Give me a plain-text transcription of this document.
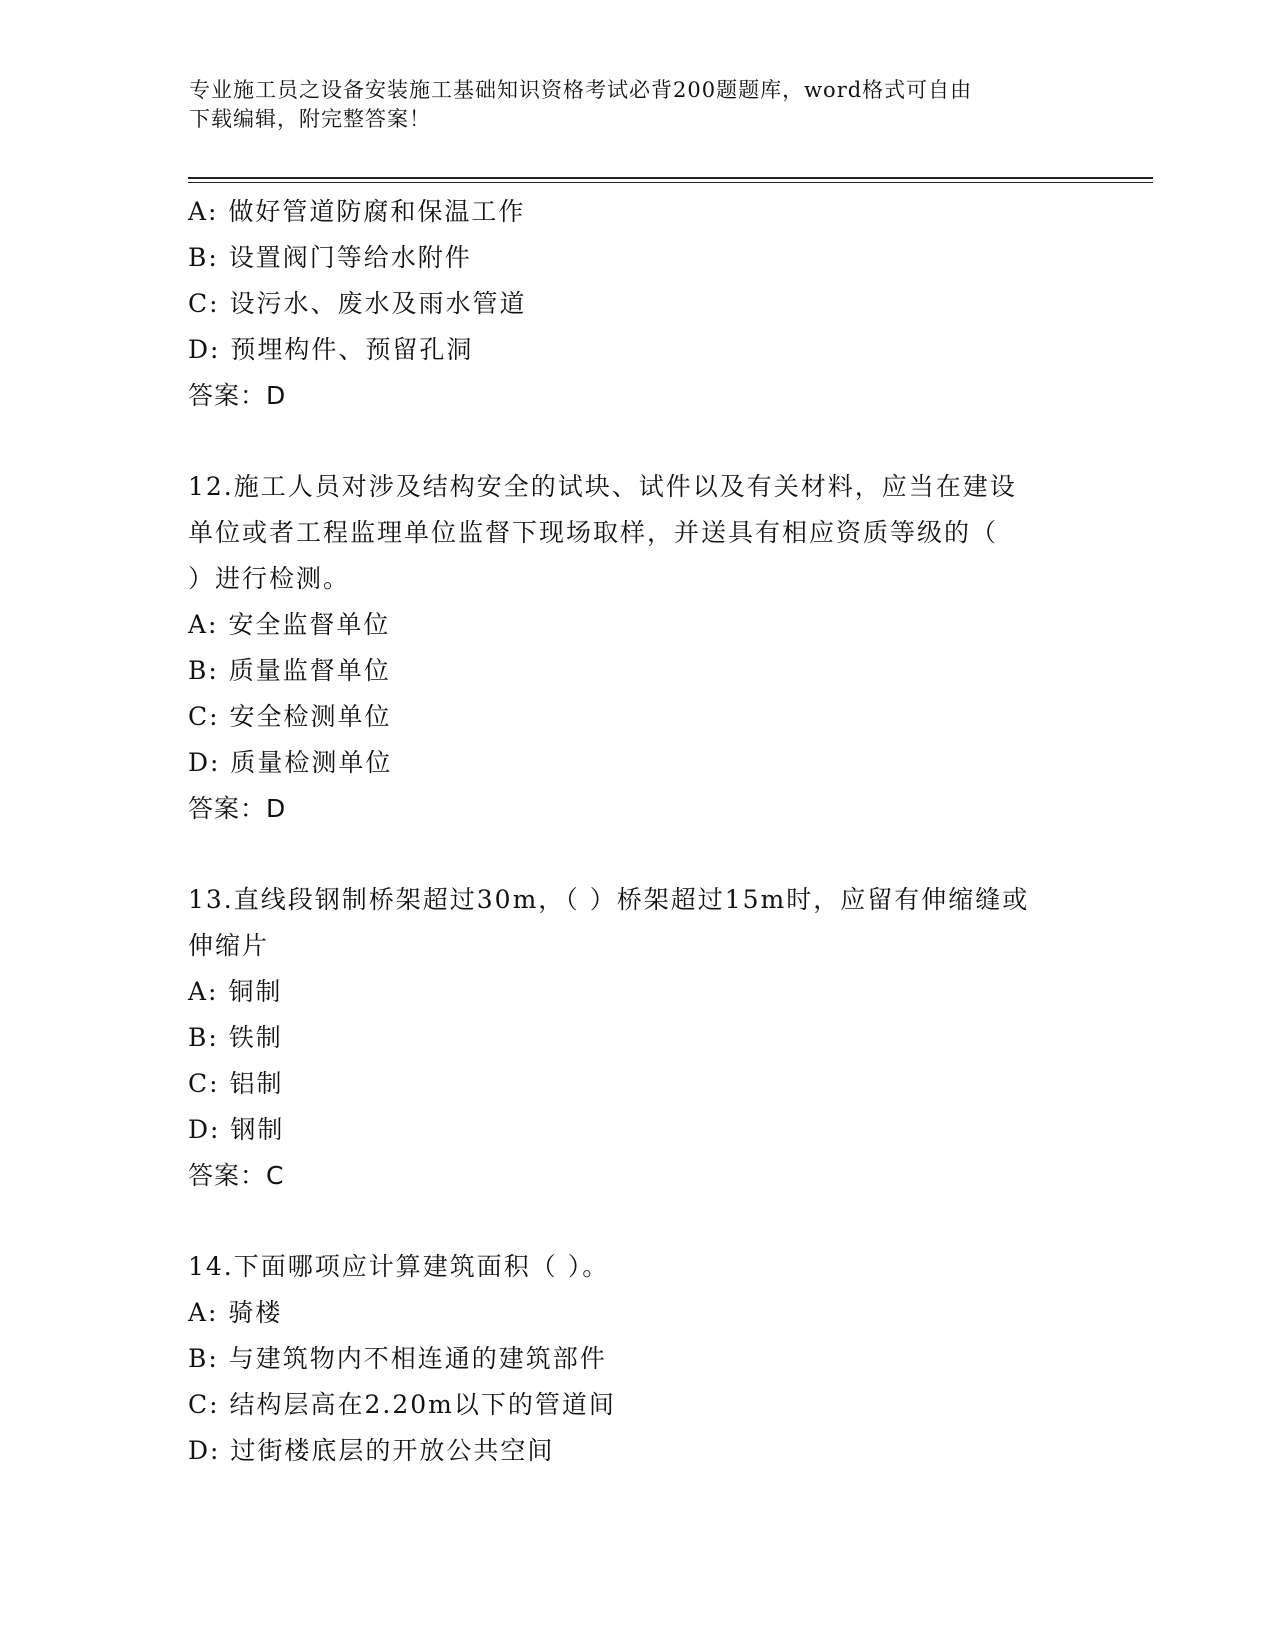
专业施工员之设备安装施工基础知识资格考试必背200题题库，word格式可自由
下载编辑，附完整答案！
A: 做好管道防腐和保温工作
B: 设置阀门等给水附件
C: 设污水、废水及雨水管道
D: 预埋构件、预留孔洞
答案：D
12.施工人员对涉及结构安全的试块、试件以及有关材料，应当在建设
单位或者工程监理单位监督下现场取样，并送具有相应资质等级的（
）进行检测。
A: 安全监督单位
B: 质量监督单位
C: 安全检测单位
D: 质量检测单位
答案：D
13.直线段钢制桥架超过30m，（ ）桥架超过15m时，应留有伸缩缝或
伸缩片
A: 铜制
B: 铁制
C: 铝制
D: 钢制
答案：C
14.下面哪项应计算建筑面积（ ）。
A: 骑楼
B: 与建筑物内不相连通的建筑部件
C: 结构层高在2.20m以下的管道间
D: 过街楼底层的开放公共空间
